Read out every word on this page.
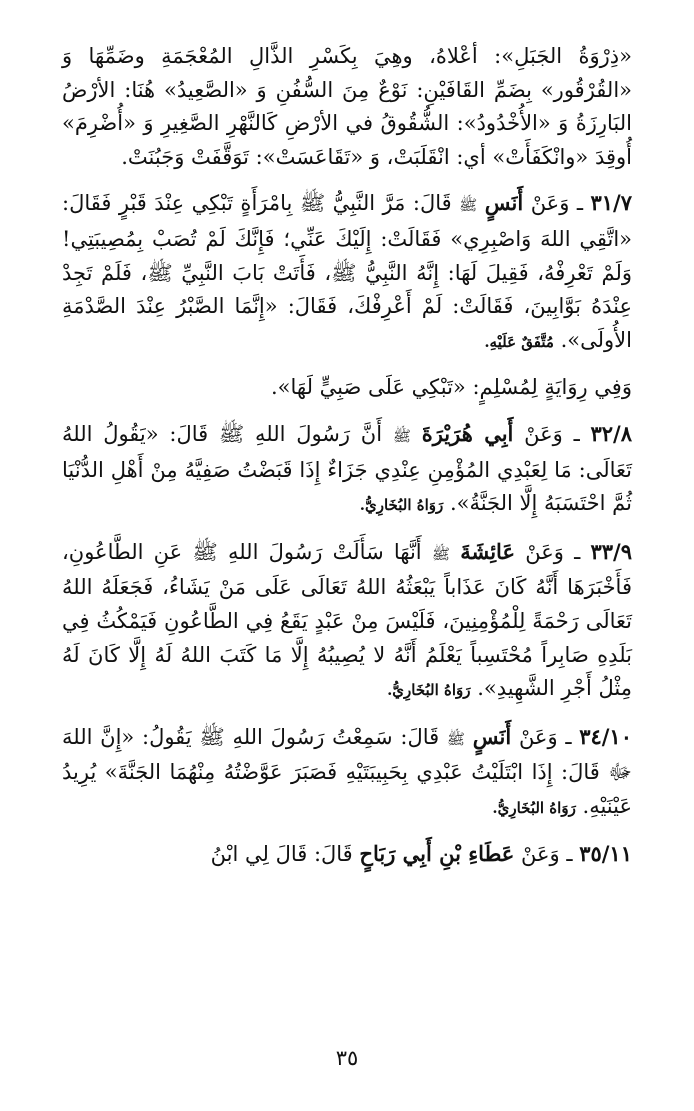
«ذِرْوَةُ الجَبَلِ»: أعْلاهُ، وهِيَ بِكَسْرِ الذَّالِ المُعْجَمَةِ وضَمِّهَا وَ «القُرْقُور» بِضَمِّ القَافَيْنِ: نَوْعٌ مِنَ السُّفُنِ وَ «الصَّعِيدُ» هُنَا: الأرْضُ البَارِزَةُ وَ «الأُخْدُودُ»: الشُّقُوقُ في الأرْضِ كَالنَّهْرِ الصَّغِيرِ وَ «أُضْرِمَ» أُوقِدَ «وانْكَفَأَتْ» أي: انْقَلَبَتْ، وَ «تَقَاعَسَتْ»: تَوَقَّفَتْ وَجَبُنَتْ.

٣١/٧ ـ وَعَنْ أَنَسٍ ﷺ قَالَ: مَرَّ النَّبِيُّ ﷺ بِامْرَأَةٍ تَبْكِي عِنْدَ قَبْرٍ فَقَالَ: «اتَّقِي اللهَ وَاصْبِرِي» فَقَالَتْ: إِلَيْكَ عَنِّي؛ فَإِنَّكَ لَمْ تُصَبْ بِمُصِيبَتِي! وَلَمْ تَعْرِفْهُ، فَقِيلَ لَهَا: إِنَّهُ النَّبِيُّ ﷺ، فَأَتَتْ بَابَ النَّبِيِّ ﷺ، فَلَمْ تَجِدْ عِنْدَهُ بَوَّابِينَ، فَقَالَتْ: لَمْ أَعْرِفْكَ، فَقَالَ: «إِنَّمَا الصَّبْرُ عِنْدَ الصَّدْمَةِ الأُولَى». مُتَّفَقٌ عَلَيْهِ.

وَفِي رِوَايَةٍ لِمُسْلِمٍ: «تَبْكِي عَلَى صَبِيٍّ لَهَا».

٣٢/٨ ـ وَعَنْ أَبِي هُرَيْرَةَ ﷺ أَنَّ رَسُولَ اللهِ ﷺ قَالَ: «يَقُولُ اللهُ تَعَالَى: مَا لِعَبْدِي المُؤْمِنِ عِنْدِي جَزَاءٌ إِذَا قَبَضْتُ صَفِيَّهُ مِنْ أَهْلِ الدُّنْيَا ثُمَّ احْتَسَبَهُ إِلَّا الجَنَّةُ». رَوَاهُ البُخَارِيُّ.

٣٣/٩ ـ وَعَنْ عَائِشَةَ ﷺ أَنَّهَا سَأَلَتْ رَسُولَ اللهِ ﷺ عَنِ الطَّاعُونِ، فَأَخْبَرَهَا أَنَّهُ كَانَ عَذَاباً يَبْعَثُهُ اللهُ تَعَالَى عَلَى مَنْ يَشَاءُ، فَجَعَلَهُ اللهُ تَعَالَى رَحْمَةً لِلْمُؤْمِنِينَ، فَلَيْسَ مِنْ عَبْدٍ يَقَعُ فِي الطَّاعُونِ فَيَمْكُثُ فِي بَلَدِهِ صَابِراً مُحْتَسِباً يَعْلَمُ أَنَّهُ لا يُصِيبُهُ إِلَّا مَا كَتَبَ اللهُ لَهُ إِلَّا كَانَ لَهُ مِثْلُ أَجْرِ الشَّهِيدِ». رَوَاهُ البُخَارِيُّ.

٣٤/١٠ ـ وَعَنْ أَنَسٍ ﷺ قَالَ: سَمِعْتُ رَسُولَ اللهِ ﷺ يَقُولُ: «إِنَّ اللهَ ﷻ قَالَ: إِذَا ابْتَلَيْتُ عَبْدِي بِحَبِيبَتَيْهِ فَصَبَرَ عَوَّضْتُهُ مِنْهُمَا الجَنَّةَ» يُرِيدُ عَيْنَيْهِ. رَوَاهُ البُخَارِيُّ.

٣٥/١١ ـ وَعَنْ عَطَاءِ بْنِ أَبِي رَبَاحٍ قَالَ: قَالَ لِي ابْنُ

٣٥
